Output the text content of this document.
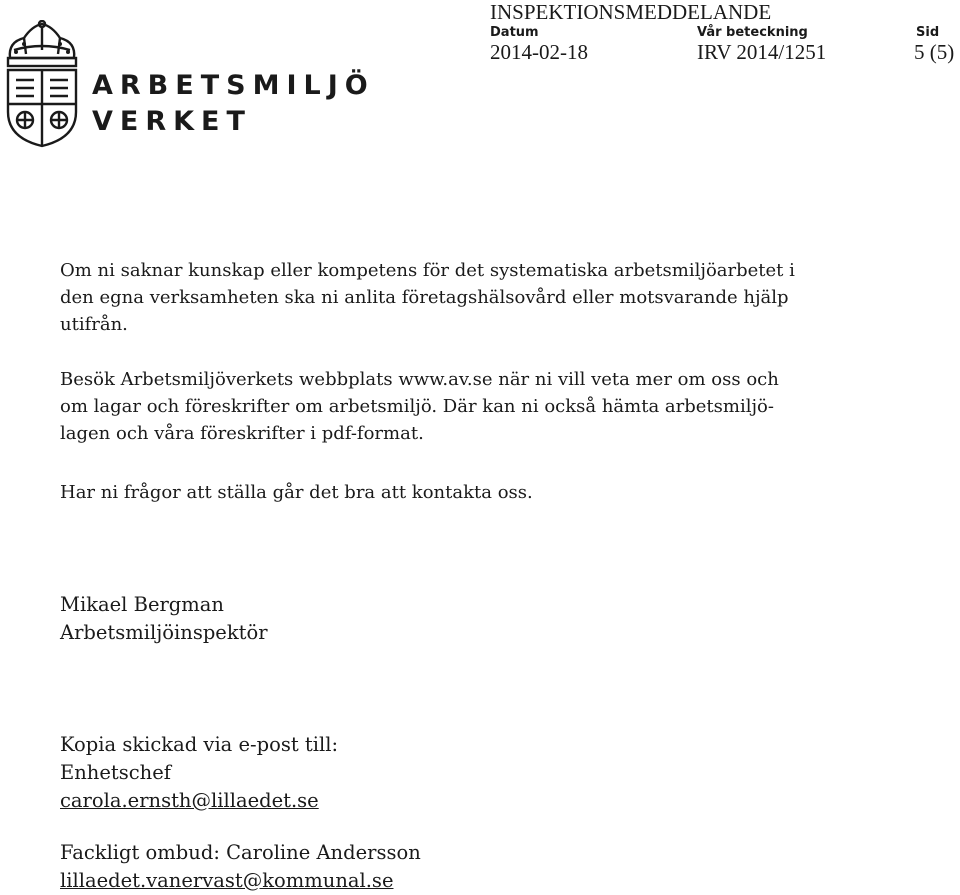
ARBETSMILJÖ
VERKET
INSPEKTIONSMEDDELANDE
Datum	Vår beteckning	Sid
2014-02-18	IRV 2014/1251	5 (5)

Om ni saknar kunskap eller kompetens för det systematiska arbetsmiljöarbetet i

den egna verksamheten ska ni anlita företagshälsovård eller motsvarande hjälp

utifrån.

Besök Arbetsmiljöverkets webbplats www.av.se när ni vill veta mer om oss och

om lagar och föreskrifter om arbetsmiljö. Där kan ni också hämta arbetsmiljö-

lagen och våra föreskrifter i pdf-format.

Har ni frågor att ställa går det bra att kontakta oss.

Mikael Bergman

Arbetsmiljöinspektör

Kopia skickad via e-post till:

Enhetschef

carola.ernsth@lillaedet.se

Fackligt ombud: Caroline Andersson

lillaedet.vanervast@kommunal.se
